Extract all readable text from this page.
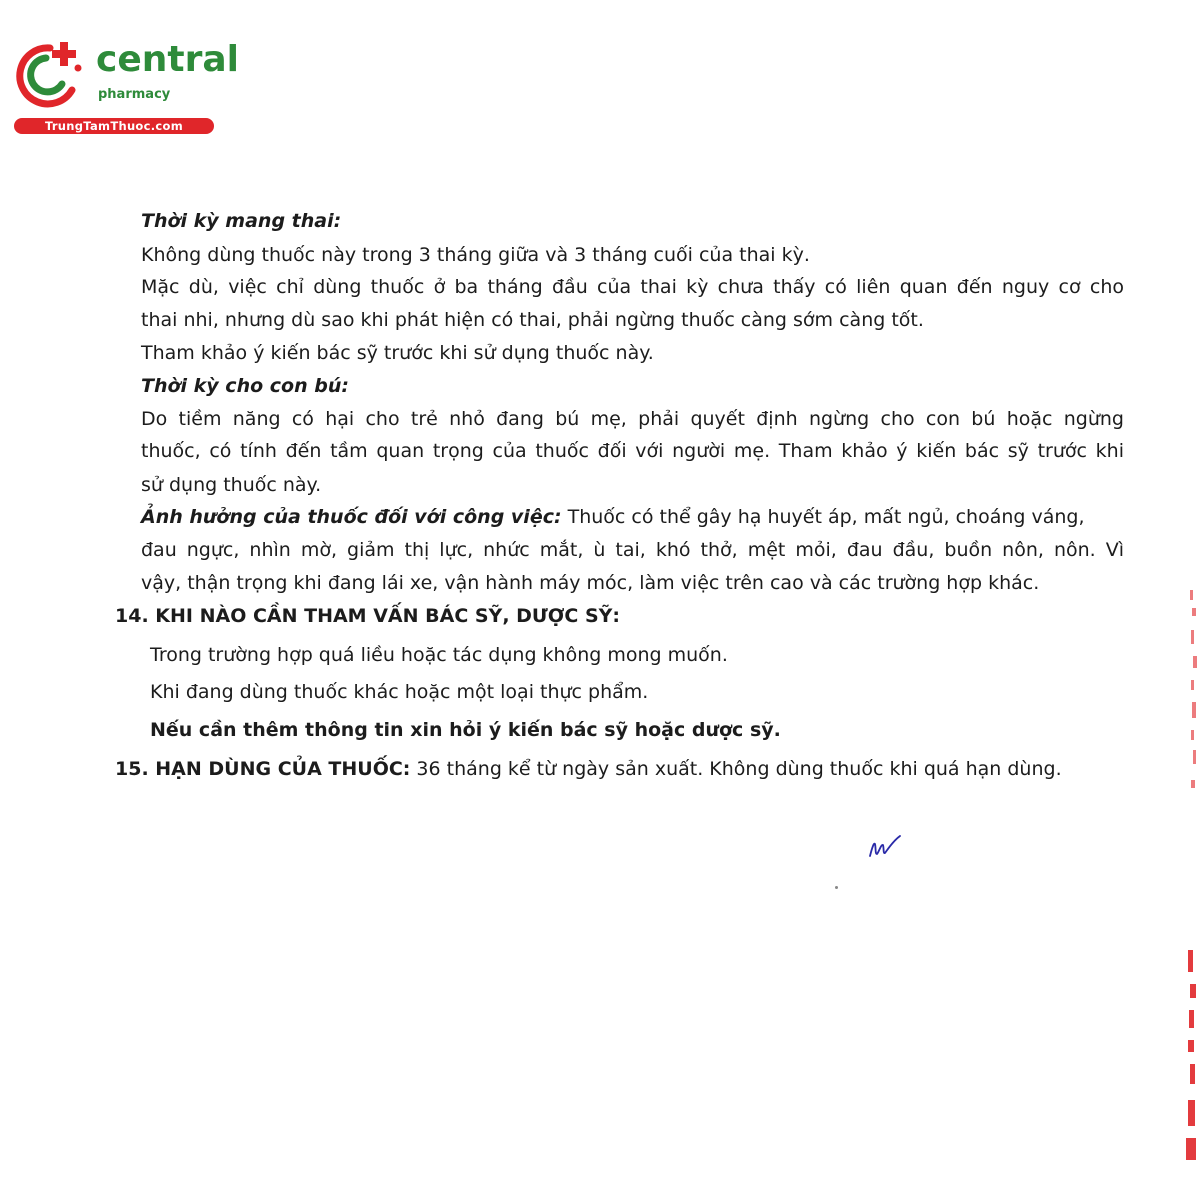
central
pharmacy
TrungTamThuoc.com
Thời kỳ mang thai:
Không dùng thuốc này trong 3 tháng giữa và 3 tháng cuối của thai kỳ.
Mặc dù, việc chỉ dùng thuốc ở ba tháng đầu của thai kỳ chưa thấy có liên quan đến nguy cơ cho
thai nhi, nhưng dù sao khi phát hiện có thai, phải ngừng thuốc càng sớm càng tốt.
Tham khảo ý kiến bác sỹ trước khi sử dụng thuốc này.
Thời kỳ cho con bú:
Do tiềm năng có hại cho trẻ nhỏ đang bú mẹ, phải quyết định ngừng cho con bú hoặc ngừng
thuốc, có tính đến tầm quan trọng của thuốc đối với người mẹ. Tham khảo ý kiến bác sỹ trước khi
sử dụng thuốc này.
Ảnh hưởng của thuốc đối với công việc: Thuốc có thể gây hạ huyết áp, mất ngủ, choáng váng,
đau ngực, nhìn mờ, giảm thị lực, nhức mắt, ù tai, khó thở, mệt mỏi, đau đầu, buồn nôn, nôn. Vì
vậy, thận trọng khi đang lái xe, vận hành máy móc, làm việc trên cao và các trường hợp khác.
14. KHI NÀO CẦN THAM VẤN BÁC SỸ, DƯỢC SỸ:
Trong trường hợp quá liều hoặc tác dụng không mong muốn.
Khi đang dùng thuốc khác hoặc một loại thực phẩm.
Nếu cần thêm thông tin xin hỏi ý kiến bác sỹ hoặc dược sỹ.
15. HẠN DÙNG CỦA THUỐC: 36 tháng kể từ ngày sản xuất. Không dùng thuốc khi quá hạn dùng.
